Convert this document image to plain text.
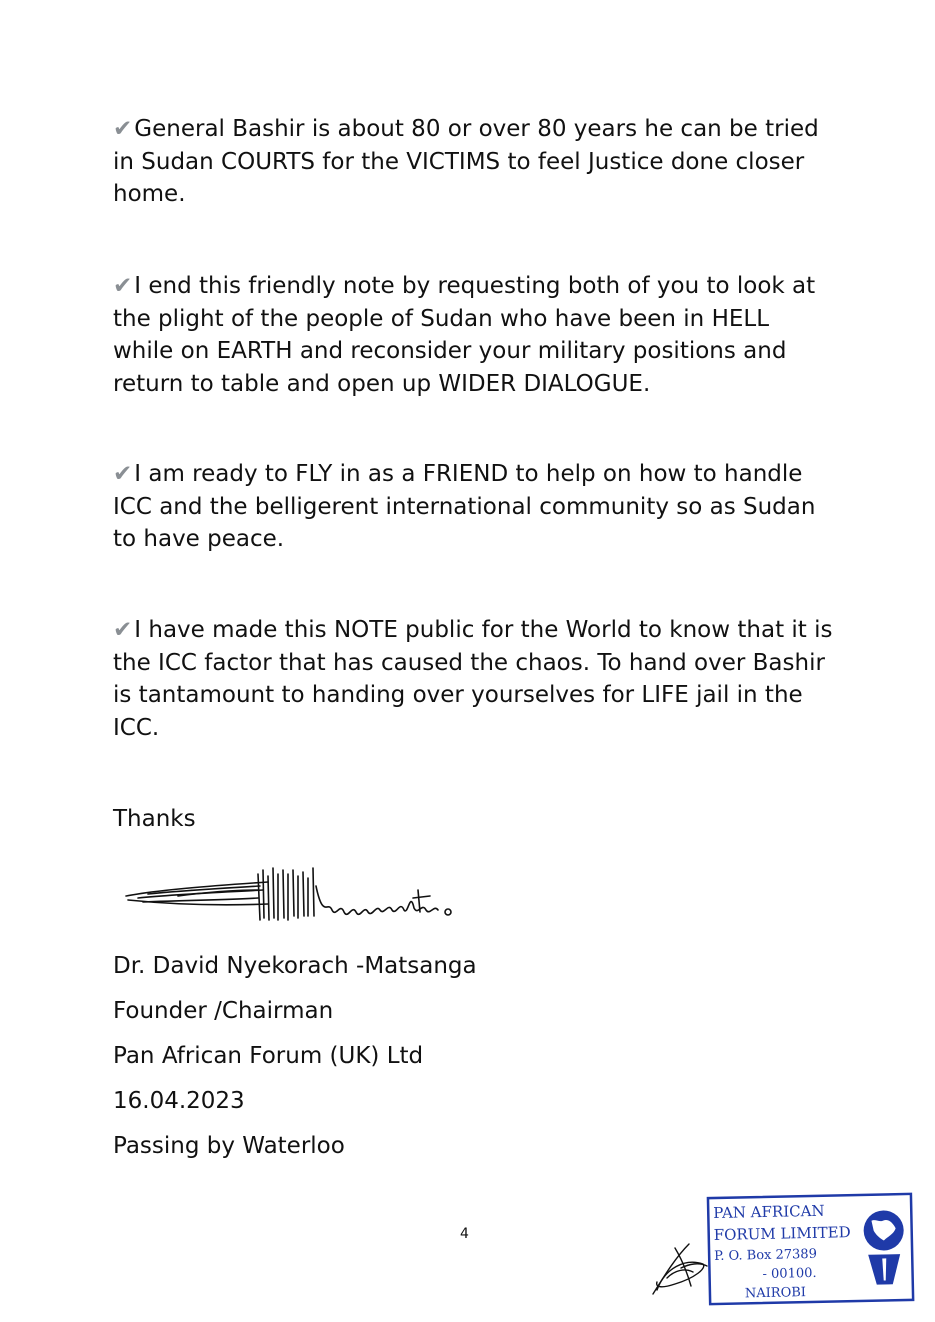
✔General Bashir is about 80 or over 80 years he can be tried in Sudan COURTS for the VICTIMS to feel Justice done closer home.

✔I end this friendly note by requesting both of you to look at the plight of the people of Sudan who have been in HELL while on EARTH and reconsider your military positions and return to table and open up WIDER DIALOGUE.

✔I am ready to FLY in as a FRIEND to help on how to handle ICC and the belligerent international community so as Sudan to have peace.

✔I have made this NOTE public for the World to know that it is the ICC factor that has caused the chaos. To hand over Bashir is tantamount to handing over yourselves for LIFE jail in the ICC.

Thanks

Dr. David Nyekorach -Matsanga

Founder /Chairman

Pan African Forum (UK) Ltd

16.04.2023

Passing by Waterloo

4
PAN AFRICAN
FORUM LIMITED
P. O. Box 27389
- 00100.
NAIROBI
